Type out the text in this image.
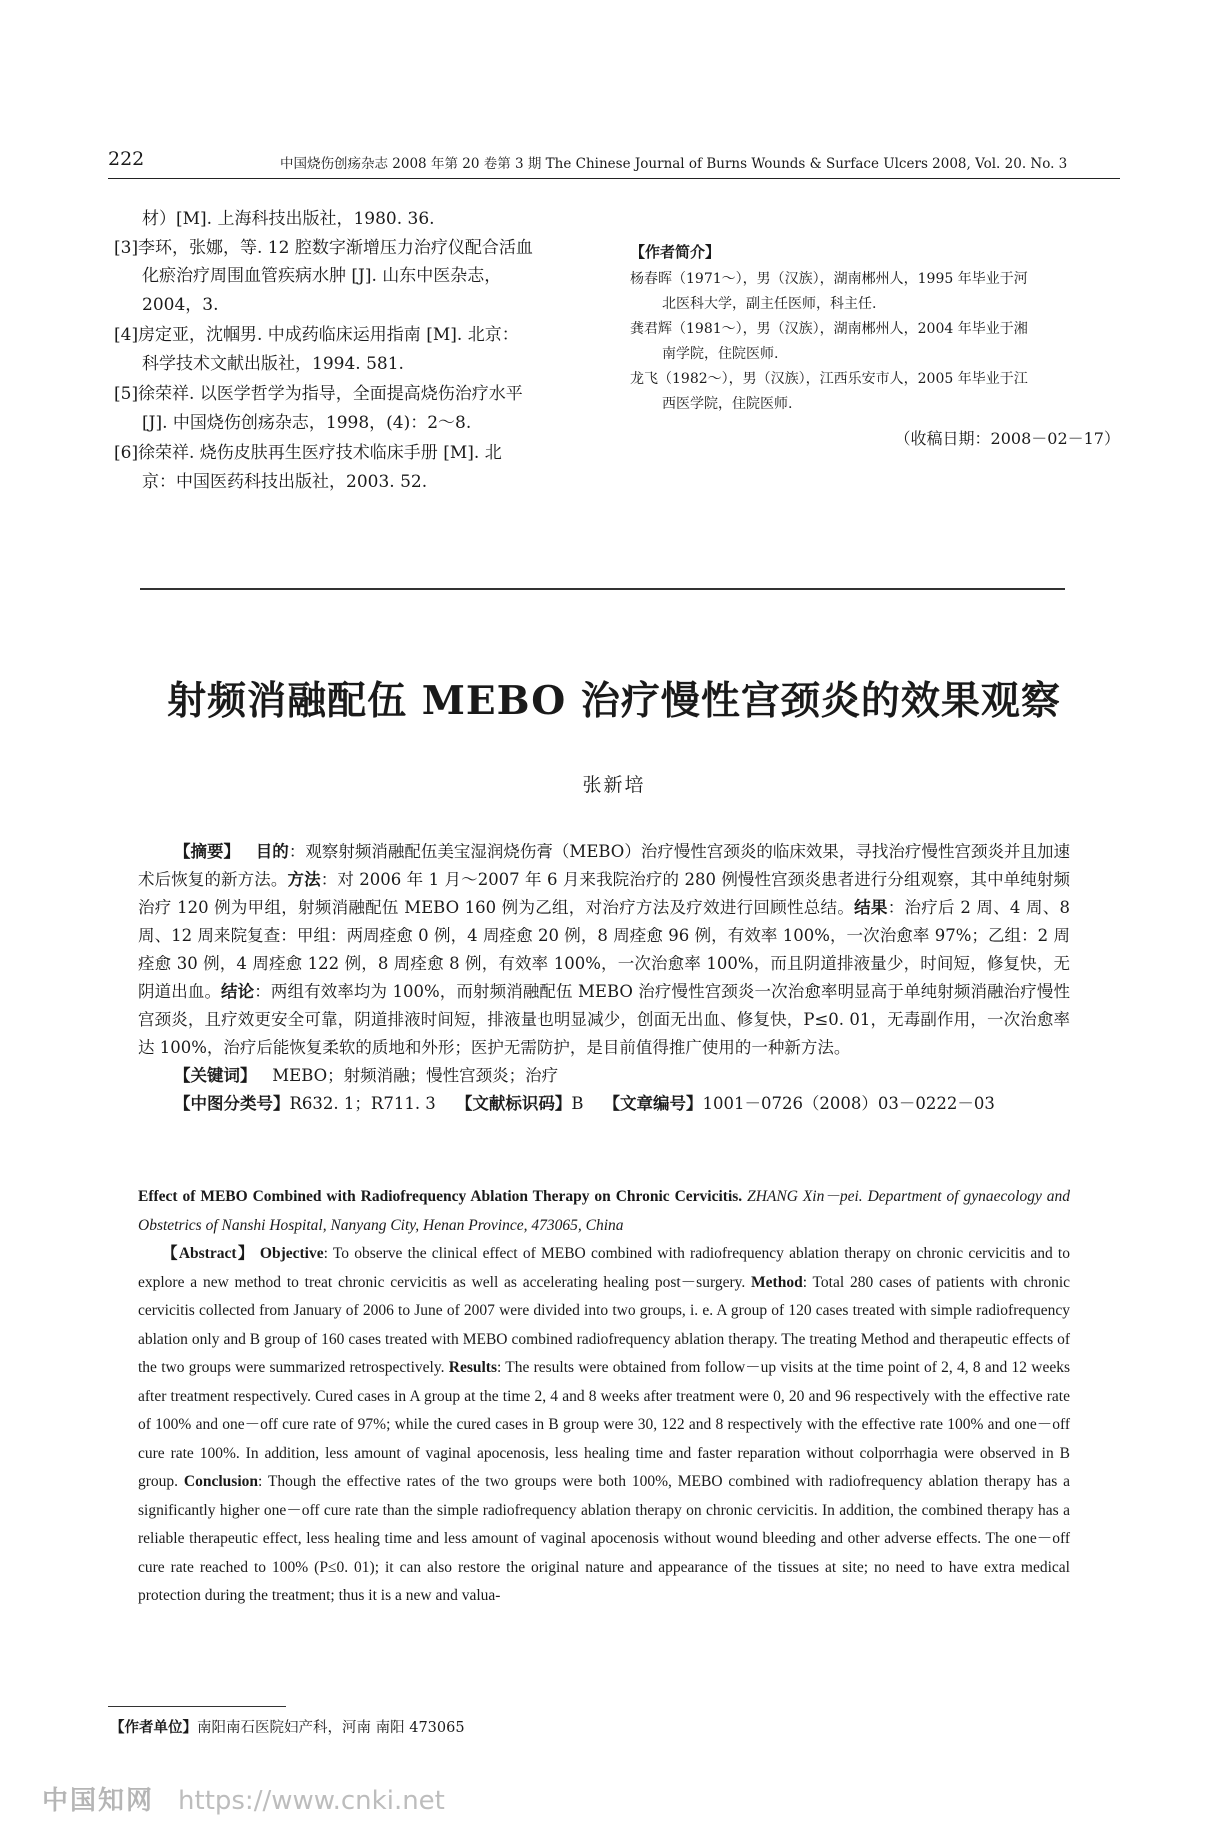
222	中国烧伤创疡杂志 2008 年第 20 卷第 3 期 The Chinese Journal of Burns Wounds & Surface Ulcers 2008, Vol. 20. No. 3
材）[M]. 上海科技出版社，1980. 36.
[3]李环，张娜，等. 12 腔数字渐增压力治疗仪配合活血
化瘀治疗周围血管疾病水肿 [J]. 山东中医杂志，
2004，3.
[4]房定亚，沈帼男. 中成药临床运用指南 [M]. 北京：
科学技术文献出版社，1994. 581.
[5]徐荣祥. 以医学哲学为指导，全面提高烧伤治疗水平
[J]. 中国烧伤创疡杂志，1998，(4)：2～8.
[6]徐荣祥. 烧伤皮肤再生医疗技术临床手册 [M]. 北
京：中国医药科技出版社，2003. 52.
【作者简介】

杨春晖（1971～），男（汉族），湖南郴州人，1995 年毕业于河
北医科大学，副主任医师，科主任.

龚君辉（1981～），男（汉族），湖南郴州人，2004 年毕业于湘
南学院，住院医师.

龙飞（1982～），男（汉族），江西乐安市人，2005 年毕业于江
西医学院，住院医师.

（收稿日期：2008－02－17）
射频消融配伍 MEBO 治疗慢性宫颈炎的效果观察
张新培

【摘要】 目的：观察射频消融配伍美宝湿润烧伤膏（MEBO）治疗慢性宫颈炎的临床效果，寻找治疗慢性宫颈炎并且加速术后恢复的新方法。方法：对 2006 年 1 月～2007 年 6 月来我院治疗的 280 例慢性宫颈炎患者进行分组观察，其中单纯射频治疗 120 例为甲组，射频消融配伍 MEBO 160 例为乙组，对治疗方法及疗效进行回顾性总结。结果：治疗后 2 周、4 周、8 周、12 周来院复查：甲组：两周痊愈 0 例，4 周痊愈 20 例，8 周痊愈 96 例，有效率 100%，一次治愈率 97%；乙组：2 周痊愈 30 例，4 周痊愈 122 例，8 周痊愈 8 例，有效率 100%，一次治愈率 100%，而且阴道排液量少，时间短，修复快，无阴道出血。结论：两组有效率均为 100%，而射频消融配伍 MEBO 治疗慢性宫颈炎一次治愈率明显高于单纯射频消融治疗慢性宫颈炎，且疗效更安全可靠，阴道排液时间短，排液量也明显减少，创面无出血、修复快，P≤0. 01，无毒副作用，一次治愈率达 100%，治疗后能恢复柔软的质地和外形；医护无需防护，是目前值得推广使用的一种新方法。

【关键词】 MEBO；射频消融；慢性宫颈炎；治疗

【中图分类号】R632. 1；R711. 3 【文献标识码】B 【文章编号】1001－0726（2008）03－0222－03

Effect of MEBO Combined with Radiofrequency Ablation Therapy on Chronic Cervicitis. ZHANG Xin－pei. Department of gynaecology and Obstetrics of Nanshi Hospital, Nanyang City, Henan Province, 473065, China

【Abstract】 Objective: To observe the clinical effect of MEBO combined with radiofrequency ablation therapy on chronic cervicitis and to explore a new method to treat chronic cervicitis as well as accelerating healing post－surgery. Method: Total 280 cases of patients with chronic cervicitis collected from January of 2006 to June of 2007 were divided into two groups, i. e. A group of 120 cases treated with simple radiofrequency ablation only and B group of 160 cases treated with MEBO combined radiofrequency ablation therapy. The treating Method and therapeutic effects of the two groups were summarized retrospectively. Results: The results were obtained from follow－up visits at the time point of 2, 4, 8 and 12 weeks after treatment respectively. Cured cases in A group at the time 2, 4 and 8 weeks after treatment were 0, 20 and 96 respectively with the effective rate of 100% and one－off cure rate of 97%; while the cured cases in B group were 30, 122 and 8 respectively with the effective rate 100% and one－off cure rate 100%. In addition, less amount of vaginal apocenosis, less healing time and faster reparation without colporrhagia were observed in B group. Conclusion: Though the effective rates of the two groups were both 100%, MEBO combined with radiofrequency ablation therapy has a significantly higher one－off cure rate than the simple radiofrequency ablation therapy on chronic cervicitis. In addition, the combined therapy has a reliable therapeutic effect, less healing time and less amount of vaginal apocenosis without wound bleeding and other adverse effects. The one－off cure rate reached to 100% (P≤0. 01); it can also restore the original nature and appearance of the tissues at site; no need to have extra medical protection during the treatment; thus it is a new and valua-

【作者单位】南阳南石医院妇产科，河南 南阳 473065
中国知网 https://www.cnki.net
